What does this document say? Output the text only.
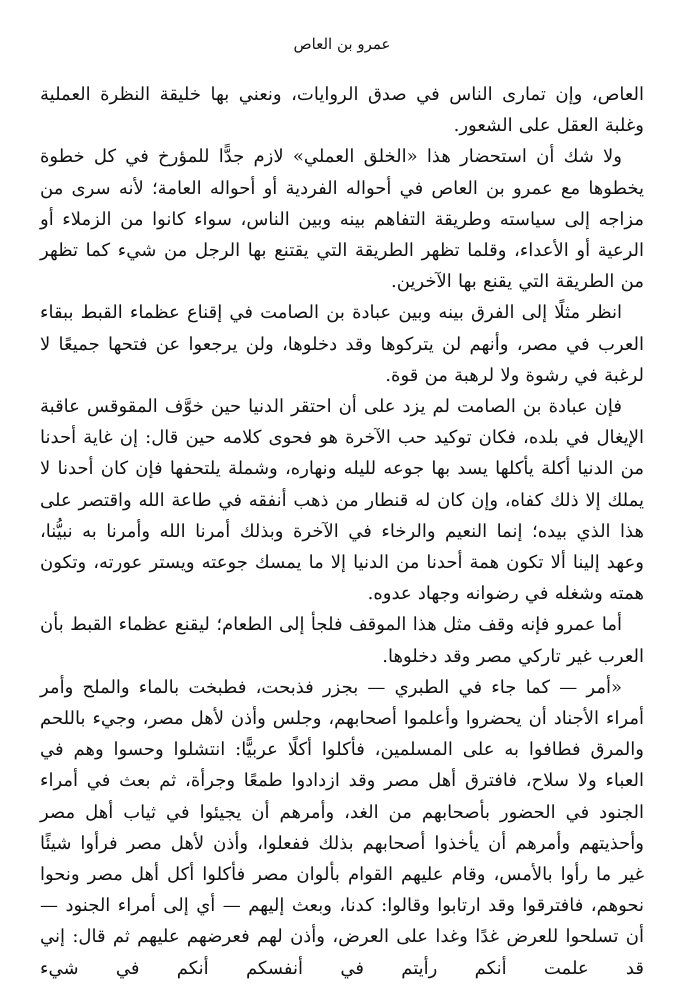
عمرو بن العاص

العاص، وإن تمارى الناس في صدق الروايات، ونعني بها خليقة النظرة العملية وغلبة العقل على الشعور.

ولا شك أن استحضار هذا «الخلق العملي» لازم جدًّا للمؤرخ في كل خطوة يخطوها مع عمرو بن العاص في أحواله الفردية أو أحواله العامة؛ لأنه سرى من مزاجه إلى سياسته وطريقة التفاهم بينه وبين الناس، سواء كانوا من الزملاء أو الرعية أو الأعداء، وقلما تظهر الطريقة التي يقتنع بها الرجل من شيء كما تظهر من الطريقة التي يقنع بها الآخرين.

انظر مثلًا إلى الفرق بينه وبين عبادة بن الصامت في إقناع عظماء القبط ببقاء العرب في مصر، وأنهم لن يتركوها وقد دخلوها، ولن يرجعوا عن فتحها جميعًا لا لرغبة في رشوة ولا لرهبة من قوة.

فإن عبادة بن الصامت لم يزد على أن احتقر الدنيا حين خوَّف المقوقس عاقبة الإيغال في بلده، فكان توكيد حب الآخرة هو فحوى كلامه حين قال: إن غاية أحدنا من الدنيا أكلة يأكلها يسد بها جوعه لليله ونهاره، وشملة يلتحفها فإن كان أحدنا لا يملك إلا ذلك كفاه، وإن كان له قنطار من ذهب أنفقه في طاعة الله واقتصر على هذا الذي بيده؛ إنما النعيم والرخاء في الآخرة وبذلك أمرنا الله وأمرنا به نبيُّنا، وعهد إلينا ألا تكون همة أحدنا من الدنيا إلا ما يمسك جوعته ويستر عورته، وتكون همته وشغله في رضوانه وجهاد عدوه.

أما عمرو فإنه وقف مثل هذا الموقف فلجأ إلى الطعام؛ ليقنع عظماء القبط بأن العرب غير تاركي مصر وقد دخلوها.

«أمر — كما جاء في الطبري — بجزر فذبحت، فطبخت بالماء والملح وأمر أمراء الأجناد أن يحضروا وأعلموا أصحابهم، وجلس وأذن لأهل مصر، وجيء باللحم والمرق فطافوا به على المسلمين، فأكلوا أكلًا عربيًّا: انتشلوا وحسوا وهم في العباء ولا سلاح، فافترق أهل مصر وقد ازدادوا طمعًا وجرأة، ثم بعث في أمراء الجنود في الحضور بأصحابهم من الغد، وأمرهم أن يجيئوا في ثياب أهل مصر وأحذيتهم وأمرهم أن يأخذوا أصحابهم بذلك ففعلوا، وأذن لأهل مصر فرأوا شيئًا غير ما رأوا بالأمس، وقام عليهم القوام بألوان مصر فأكلوا أكل أهل مصر ونحوا نحوهم، فافترقوا وقد ارتابوا وقالوا: كدنا، وبعث إليهم — أي إلى أمراء الجنود — أن تسلحوا للعرض غدًا وغدا على العرض، وأذن لهم فعرضهم عليهم ثم قال: إني قد علمت أنكم رأيتم في أنفسكم أنكم في شيء
